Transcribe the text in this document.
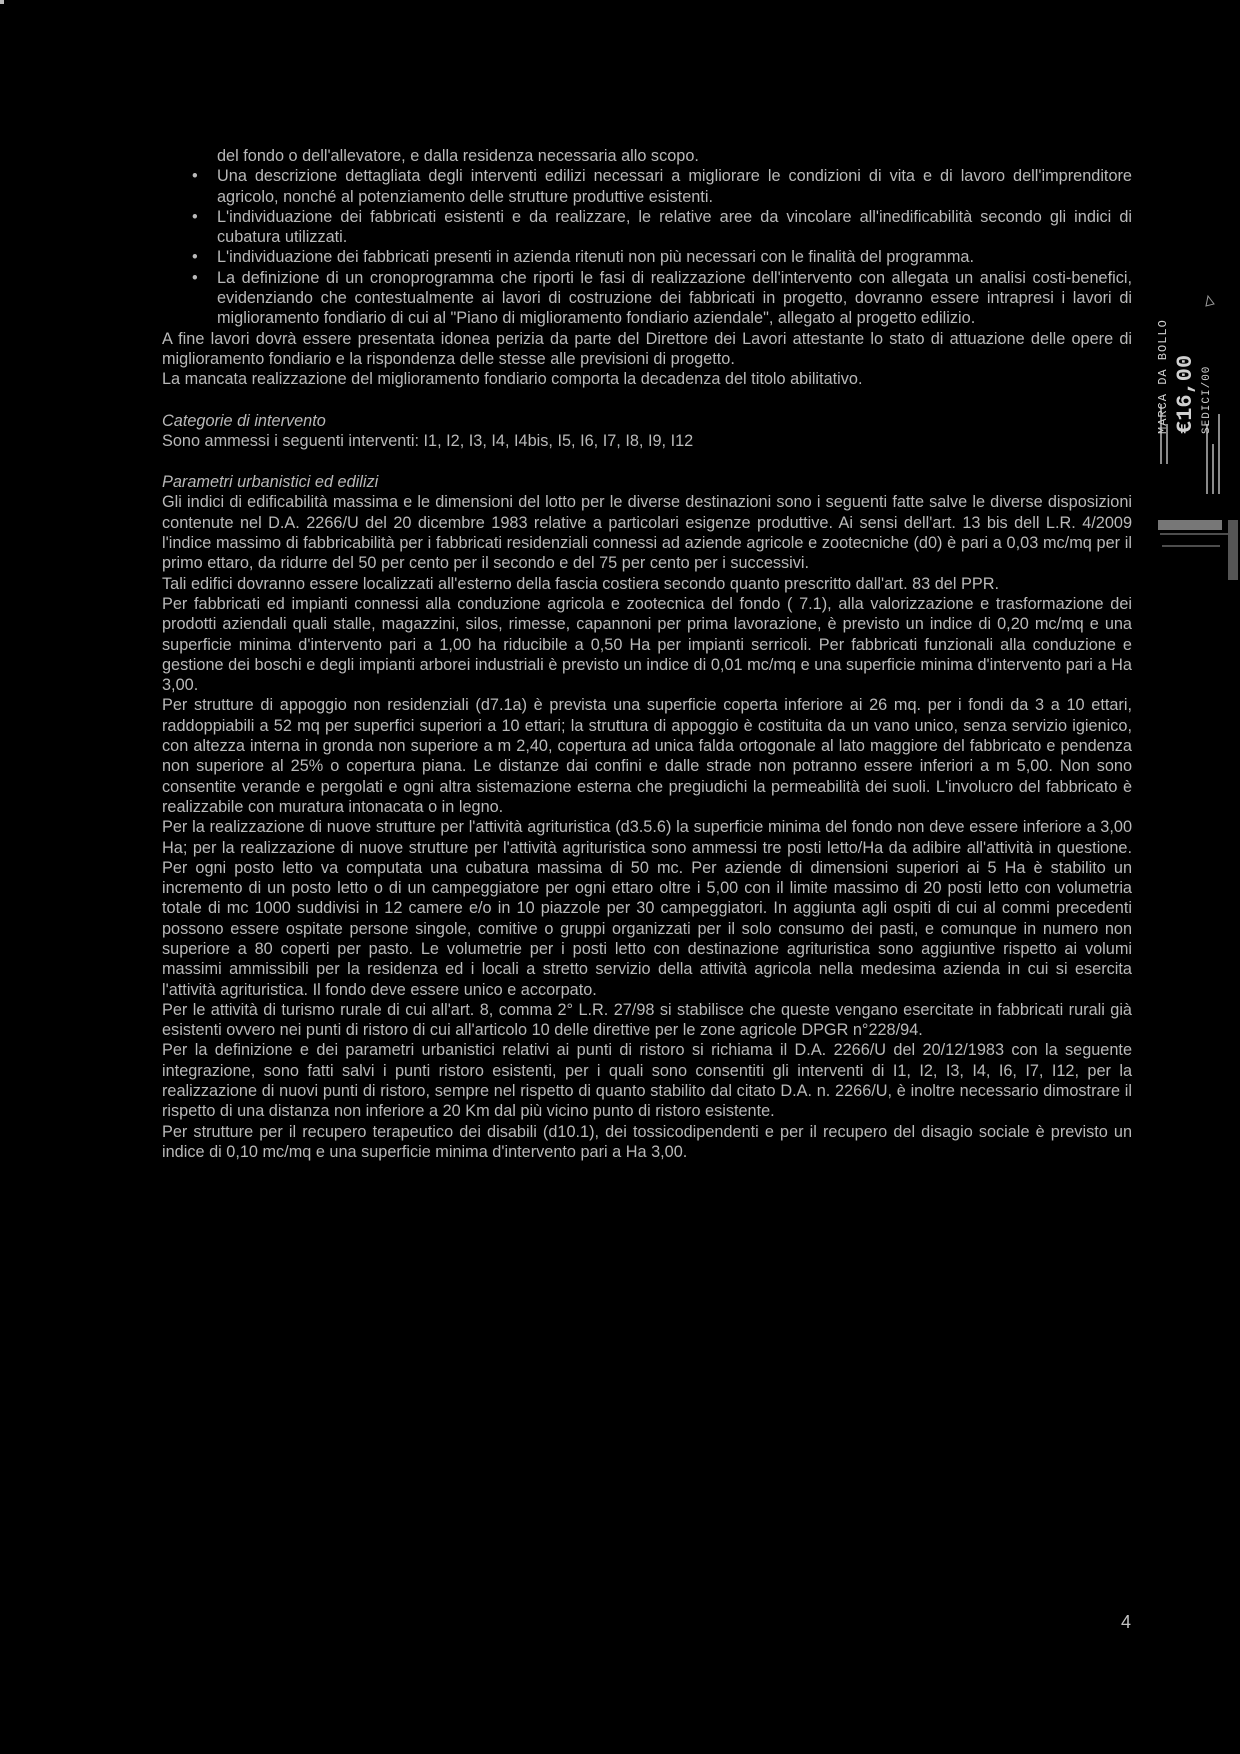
del fondo o dell'allevatore, e dalla residenza necessaria allo scopo.

• Una descrizione dettagliata degli interventi edilizi necessari a migliorare le condizioni di vita e di lavoro dell'imprenditore agricolo, nonché al potenziamento delle strutture produttive esistenti.
• L'individuazione dei fabbricati esistenti e da realizzare, le relative aree da vincolare all'inedificabilità secondo gli indici di cubatura utilizzati.
• L'individuazione dei fabbricati presenti in azienda ritenuti non più necessari con le finalità del programma.
• La definizione di un cronoprogramma che riporti le fasi di realizzazione dell'intervento con allegata un analisi costi-benefici, evidenziando che contestualmente ai lavori di costruzione dei fabbricati in progetto, dovranno essere intrapresi i lavori di miglioramento fondiario di cui al "Piano di miglioramento fondiario aziendale", allegato al progetto edilizio.

A fine lavori dovrà essere presentata idonea perizia da parte del Direttore dei Lavori attestante lo stato di attuazione delle opere di miglioramento fondiario e la rispondenza delle stesse alle previsioni di progetto.

La mancata realizzazione del miglioramento fondiario comporta la decadenza del titolo abilitativo.

Categorie di intervento

Sono ammessi i seguenti interventi: I1, I2, I3, I4, I4bis, I5, I6, I7, I8, I9, I12

Parametri urbanistici ed edilizi

Gli indici di edificabilità massima e le dimensioni del lotto per le diverse destinazioni sono i seguenti fatte salve le diverse disposizioni contenute nel D.A. 2266/U del 20 dicembre 1983 relative a particolari esigenze produttive. Ai sensi dell'art. 13 bis dell L.R. 4/2009 l'indice massimo di fabbricabilità per i fabbricati residenziali connessi ad aziende agricole e zootecniche (d0) è pari a 0,03 mc/mq per il primo ettaro, da ridurre del 50 per cento per il secondo e del 75 per cento per i successivi.

Tali edifici dovranno essere localizzati all'esterno della fascia costiera secondo quanto prescritto dall'art. 83 del PPR.

Per fabbricati ed impianti connessi alla conduzione agricola e zootecnica del fondo ( 7.1), alla valorizzazione e trasformazione dei prodotti aziendali quali stalle, magazzini, silos, rimesse, capannoni per prima lavorazione, è previsto un indice di 0,20 mc/mq e una superficie minima d'intervento pari a 1,00 ha riducibile a 0,50 Ha per impianti serricoli. Per fabbricati funzionali alla conduzione e gestione dei boschi e degli impianti arborei industriali è previsto un indice di 0,01 mc/mq e una superficie minima d'intervento pari a Ha 3,00.

Per strutture di appoggio non residenziali (d7.1a) è prevista una superficie coperta inferiore ai 26 mq. per i fondi da 3 a 10 ettari, raddoppiabili a 52 mq per superfici superiori a 10 ettari; la struttura di appoggio è costituita da un vano unico, senza servizio igienico, con altezza interna in gronda non superiore a m 2,40, copertura ad unica falda ortogonale al lato maggiore del fabbricato e pendenza non superiore al 25% o copertura piana. Le distanze dai confini e dalle strade non potranno essere inferiori a m 5,00. Non sono consentite verande e pergolati e ogni altra sistemazione esterna che pregiudichi la permeabilità dei suoli. L'involucro del fabbricato è realizzabile con muratura intonacata o in legno.

Per la realizzazione di nuove strutture per l'attività agrituristica (d3.5.6) la superficie minima del fondo non deve essere inferiore a 3,00 Ha; per la realizzazione di nuove strutture per l'attività agrituristica sono ammessi tre posti letto/Ha da adibire all'attività in questione. Per ogni posto letto va computata una cubatura massima di 50 mc. Per aziende di dimensioni superiori ai 5 Ha è stabilito un incremento di un posto letto o di un campeggiatore per ogni ettaro oltre i 5,00 con il limite massimo di 20 posti letto con volumetria totale di mc 1000 suddivisi in 12 camere e/o in 10 piazzole per 30 campeggiatori. In aggiunta agli ospiti di cui al commi precedenti possono essere ospitate persone singole, comitive o gruppi organizzati per il solo consumo dei pasti, e comunque in numero non superiore a 80 coperti per pasto. Le volumetrie per i posti letto con destinazione agrituristica sono aggiuntive rispetto ai volumi massimi ammissibili per la residenza ed i locali a stretto servizio della attività agricola nella medesima azienda in cui si esercita l'attività agrituristica. Il fondo deve essere unico e accorpato.

Per le attività di turismo rurale di cui all'art. 8, comma 2° L.R. 27/98 si stabilisce che queste vengano esercitate in fabbricati rurali già esistenti ovvero nei punti di ristoro di cui all'articolo 10 delle direttive per le zone agricole DPGR n°228/94.

Per la definizione e dei parametri urbanistici relativi ai punti di ristoro si richiama il D.A. 2266/U del 20/12/1983 con la seguente integrazione, sono fatti salvi i punti ristoro esistenti, per i quali sono consentiti gli interventi di I1, I2, I3, I4, I6, I7, I12, per la realizzazione di nuovi punti di ristoro, sempre nel rispetto di quanto stabilito dal citato D.A. n. 2266/U, è inoltre necessario dimostrare il rispetto di una distanza non inferiore a 20 Km dal più vicino punto di ristoro esistente.

Per strutture per il recupero terapeutico dei disabili (d10.1), dei tossicodipendenti e per il recupero del disagio sociale è previsto un indice di 0,10 mc/mq e una superficie minima d'intervento pari a Ha 3,00.

MARCA DA BOLLO €16,00 SEDICI/00
4
